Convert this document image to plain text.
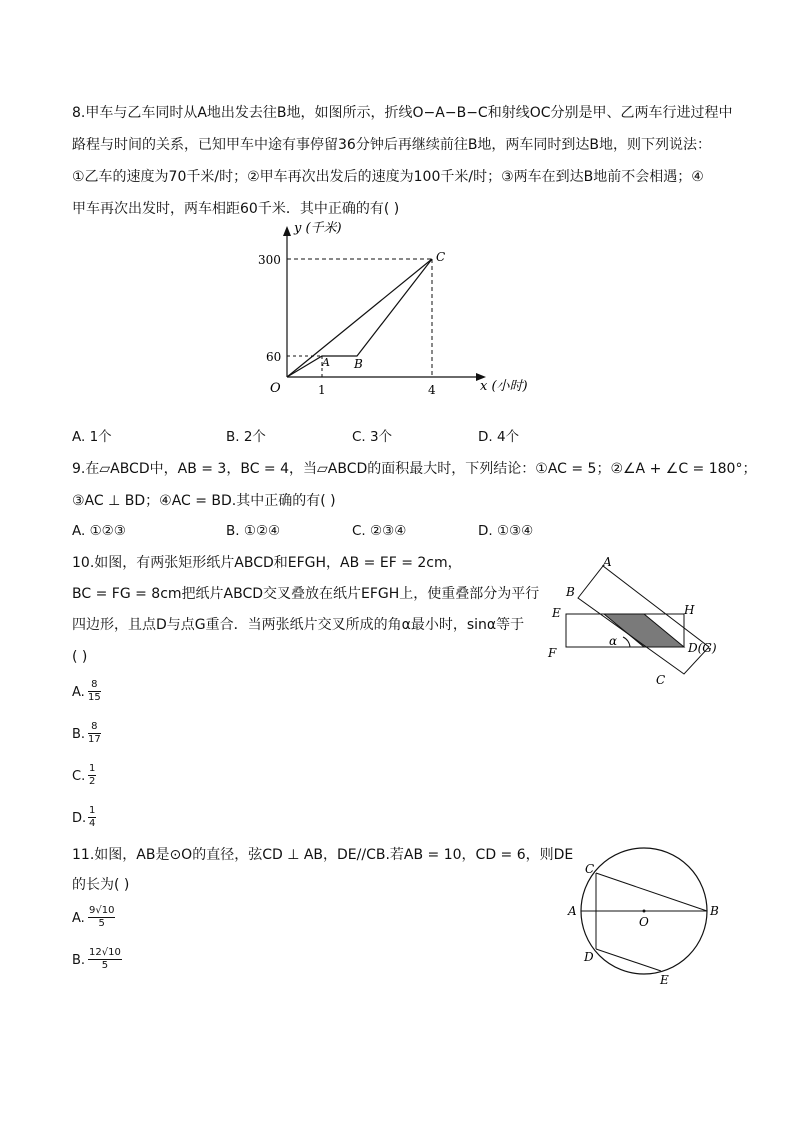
8.甲车与乙车同时从A地出发去往B地，如图所示，折线O−A−B−C和射线OC分别是甲、乙两车行进过程中
路程与时间的关系，已知甲车中途有事停留36分钟后再继续前往B地，两车同时到达B地，则下列说法：
①乙车的速度为70千米/时；②甲车再次出发后的速度为100千米/时；③两车在到达B地前不会相遇；④
甲车再次出发时，两车相距60千米．其中正确的有( )
y (千米)
x (小时)
300
60
1	4
O
A B
C
A. 1个	B. 2个	C. 3个	D. 4个
9.在▱ABCD中，AB = 3，BC = 4，当▱ABCD的面积最大时，下列结论：①AC = 5；②∠A + ∠C = 180°；
③AC ⊥ BD；④AC = BD.其中正确的有( )
A. ①②③	B. ①②④	C. ②③④	D. ①③④
10.如图，有两张矩形纸片ABCD和EFGH，AB = EF = 2cm，
BC = FG = 8cm把纸片ABCD交叉叠放在纸片EFGH上，使重叠部分为平行
四边形，且点D与点G重合．当两张纸片交叉所成的角α最小时，sinα等于
( )
A. $\frac{8}{15}$
B. $\frac{8}{17}$
C. $\frac{1}{2}$
D. $\frac{1}{4}$
A
B
E
F
H
D(G)
C
α
11.如图，AB是⊙O的直径，弦CD ⊥ AB，DE//CB.若AB = 10，CD = 6，则DE
的长为( )
A. $\frac{9√10}{5}$
B. $\frac{12√10}{5}$
A	B
C
D
E
O
